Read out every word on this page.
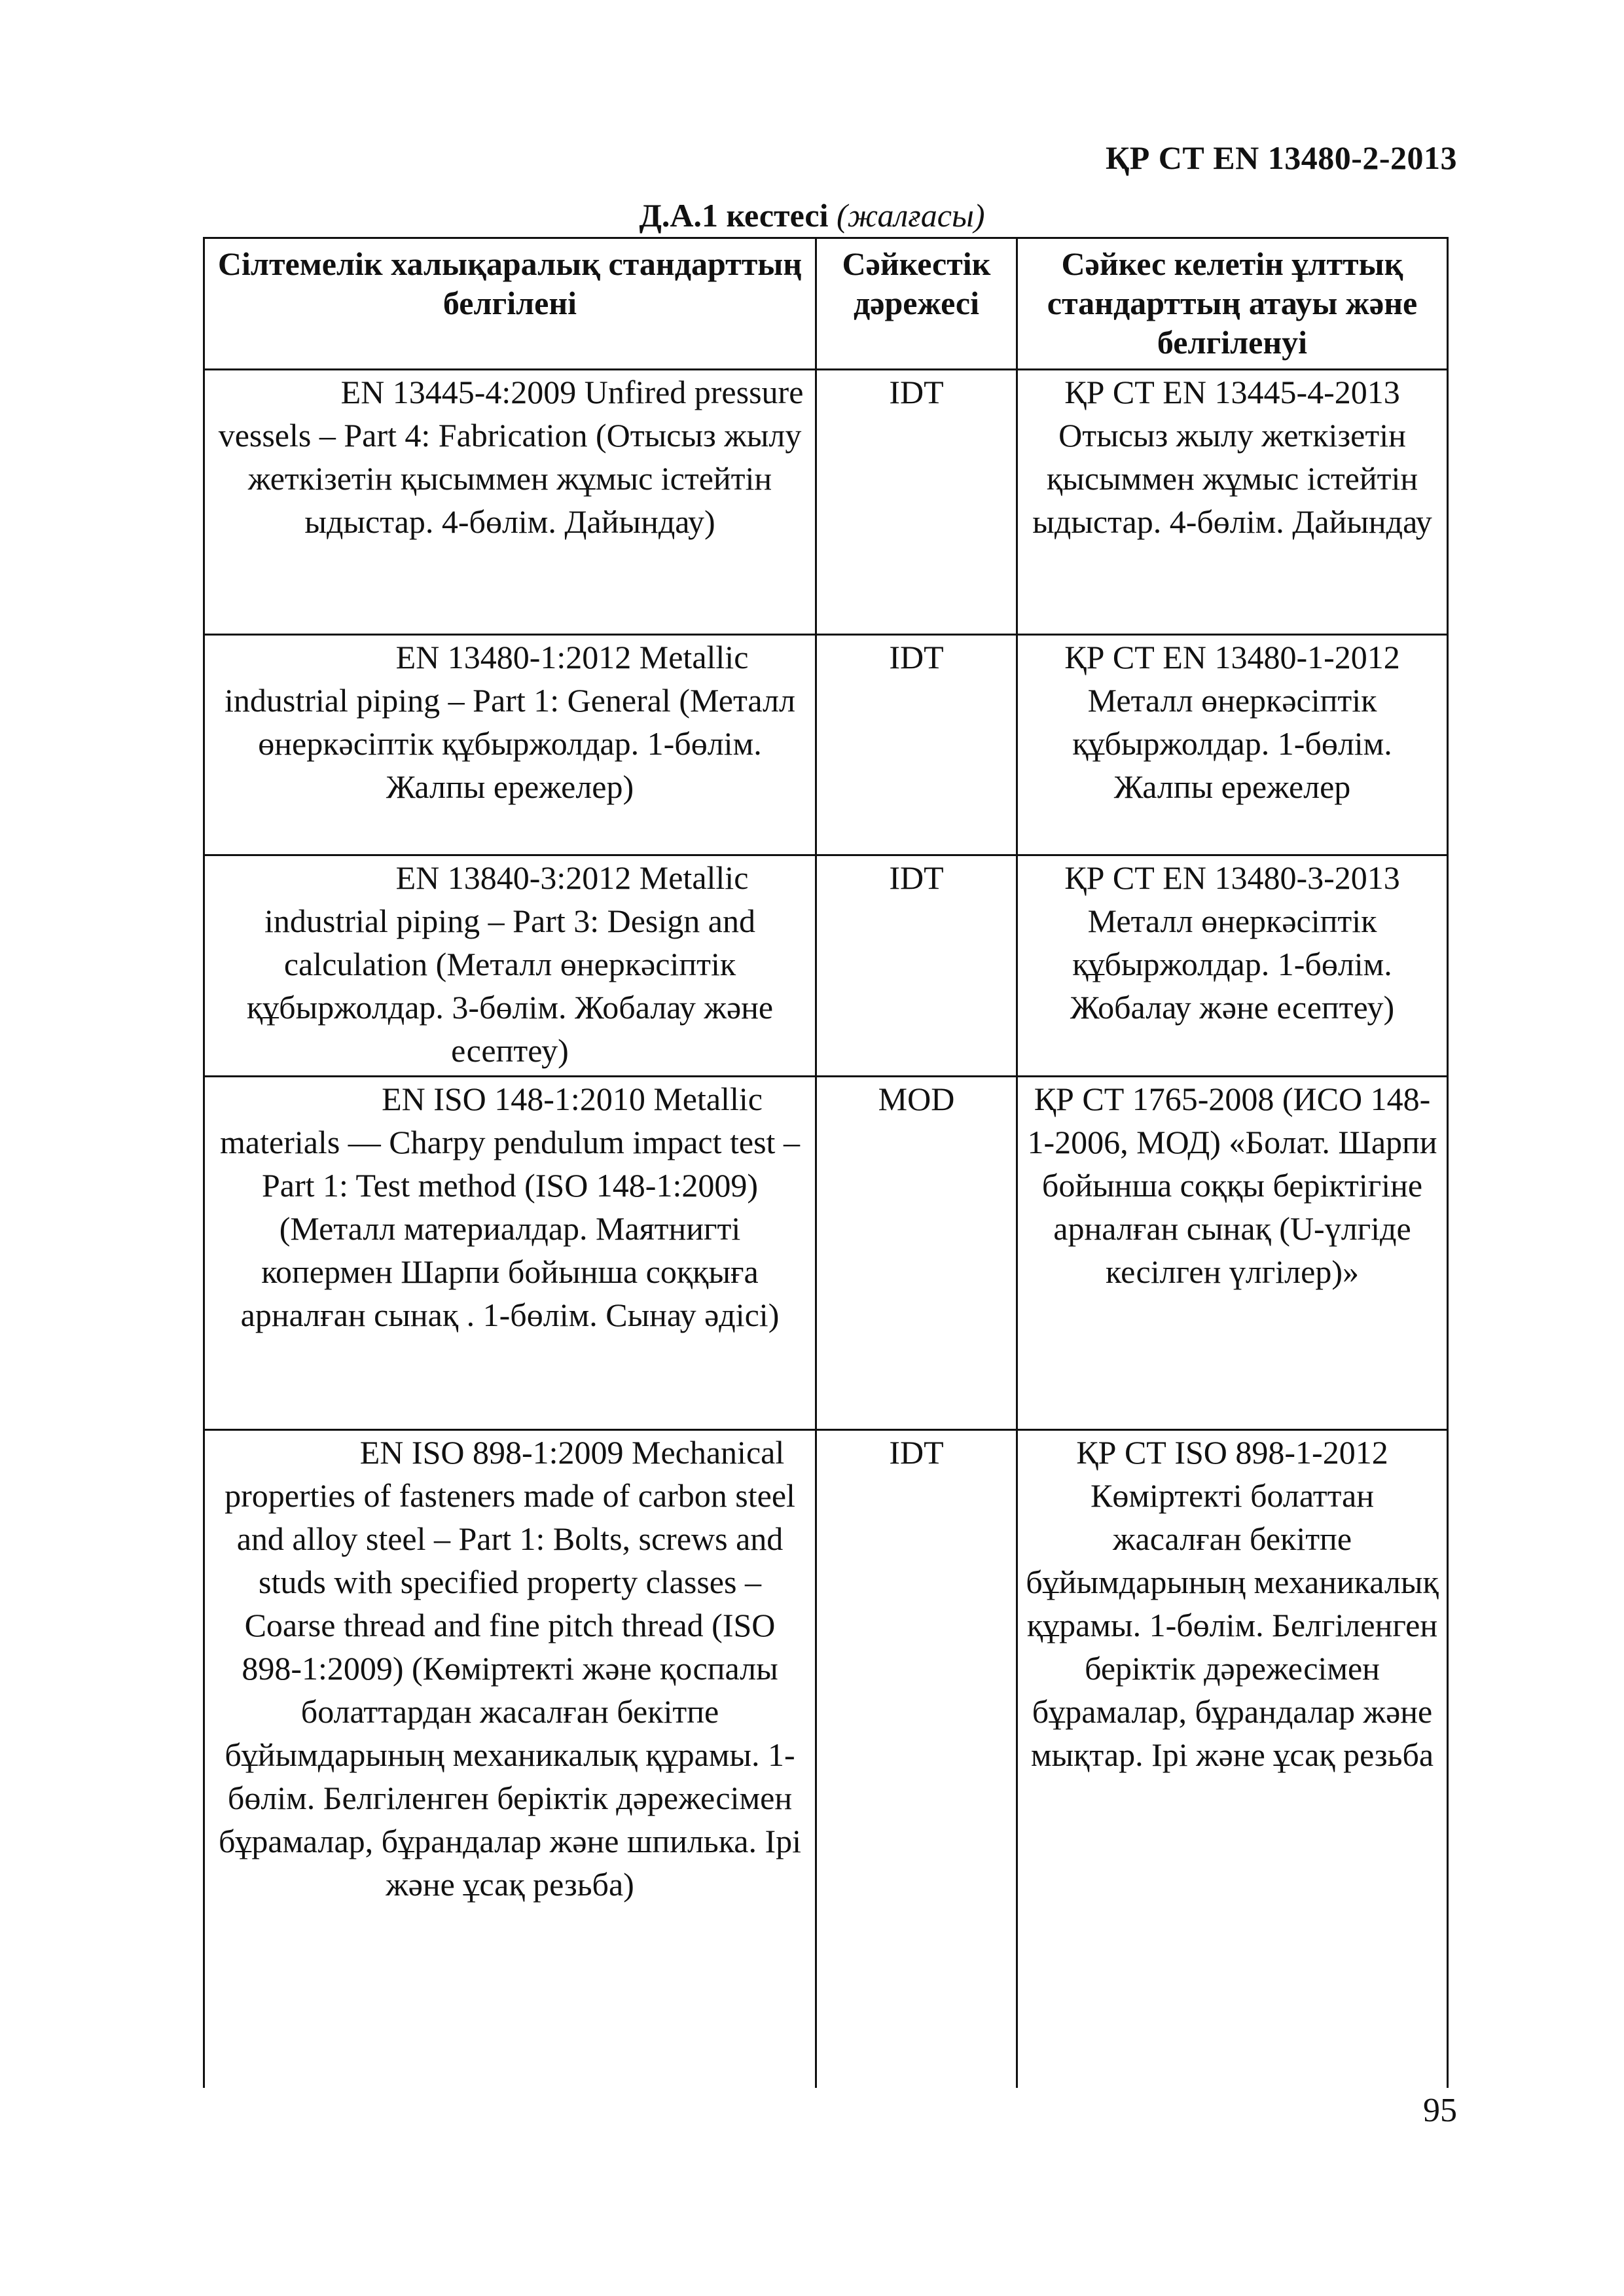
ҚР СТ EN 13480-2-2013
Д.А.1 кестесі (жалғасы)
Сілтемелік халықаралық стандарттың белгілені	Сәйкестік дәрежесі	Сәйкес келетін ұлттық стандарттың атауы және белгіленуі
EN 13445-4:2009 Unfired pressure vessels – Part 4: Fabrication (Отысыз жылу жеткізетін қысыммен жұмыс істейтін ыдыстар. 4-бөлім. Дайындау)	IDT	ҚР СТ EN 13445-4-2013 Отысыз жылу жеткізетін қысыммен жұмыс істейтін ыдыстар. 4-бөлім. Дайындау
EN 13480-1:2012 Metallic industrial piping – Part 1: General (Металл өнеркәсіптік құбыржолдар. 1-бөлім. Жалпы ережелер)	IDT	ҚР СТ EN 13480-1-2012 Металл өнеркәсіптік құбыржолдар. 1-бөлім. Жалпы ережелер
EN 13840-3:2012 Metallic industrial piping – Part 3: Design and calculation (Металл өнеркәсіптік құбыржолдар. 3-бөлім. Жобалау және есептеу)	IDT	ҚР СТ EN 13480-3-2013 Металл өнеркәсіптік құбыржолдар. 1-бөлім. Жобалау және есептеу)
EN ISO 148-1:2010 Metallic materials — Charpy pendulum impact test – Part 1: Test method (ISO 148-1:2009) (Металл материалдар. Маятнигті копермен Шарпи бойынша соққыға арналған сынақ . 1-бөлім. Сынау әдісі)	MOD	ҚР СТ 1765-2008 (ИСО 148-1-2006, МОД) «Болат. Шарпи бойынша соққы беріктігіне арналған сынақ (U-үлгіде кесілген үлгілер)»
EN ISO 898-1:2009 Mechanical properties of fasteners made of carbon steel and alloy steel – Part 1: Bolts, screws and studs with specified property classes – Coarse thread and fine pitch thread (ISO 898-1:2009) (Көміртекті және қоспалы болаттардан жасалған бекітпе бұйымдарының механикалық құрамы. 1-бөлім. Белгіленген беріктік дәрежесімен бұрамалар, бұрандалар және шпилька. Ірі және ұсақ резьба)	IDT	ҚР СТ ISO 898-1-2012 Көміртекті болаттан жасалған бекітпе бұйымдарының механикалық құрамы. 1-бөлім. Белгіленген беріктік дәрежесімен бұрамалар, бұрандалар және мықтар. Ірі және ұсақ резьба
95
